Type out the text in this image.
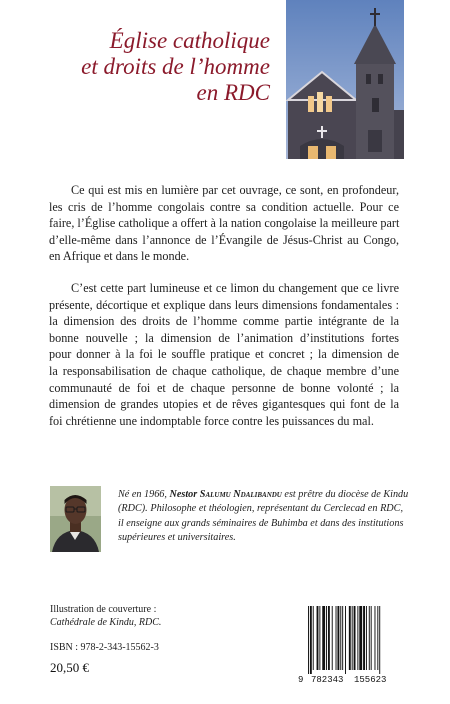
Église catholique
et droits de l’homme
en RDC
Ce qui est mis en lumière par cet ouvrage, ce sont, en profondeur,
les cris de l’homme congolais contre sa condition actuelle. Pour ce
faire, l’Église catholique a offert à la nation congolaise la meilleure part
d’elle-même dans l’annonce de l’Évangile de Jésus-Christ au Congo,
en Afrique et dans le monde.
C’est cette part lumineuse et ce limon du changement que ce livre
présente, décortique et explique dans leurs dimensions fondamentales :
la dimension des droits de l’homme comme partie intégrante de la
bonne nouvelle ; la dimension de l’animation d’institutions fortes
pour donner à la foi le souffle pratique et concret ; la dimension de
la responsabilisation de chaque catholique, de chaque membre d’une
communauté de foi et de chaque personne de bonne volonté ; la
dimension de grandes utopies et de rêves gigantesques qui font de la
foi chrétienne une indomptable force contre les puissances du mal.
Né en 1966, Nestor Salumu Ndalibandu est prêtre du diocèse de Kindu
(RDC). Philosophe et théologien, représentant du Cerclecad en RDC,
il enseigne aux grands séminaires de Buhimba et dans des institutions
supérieures et universitaires.
Illustration de couverture :
Cathédrale de Kindu, RDC.
ISBN : 978-2-343-15562-3
20,50 €
9 782343 155623
